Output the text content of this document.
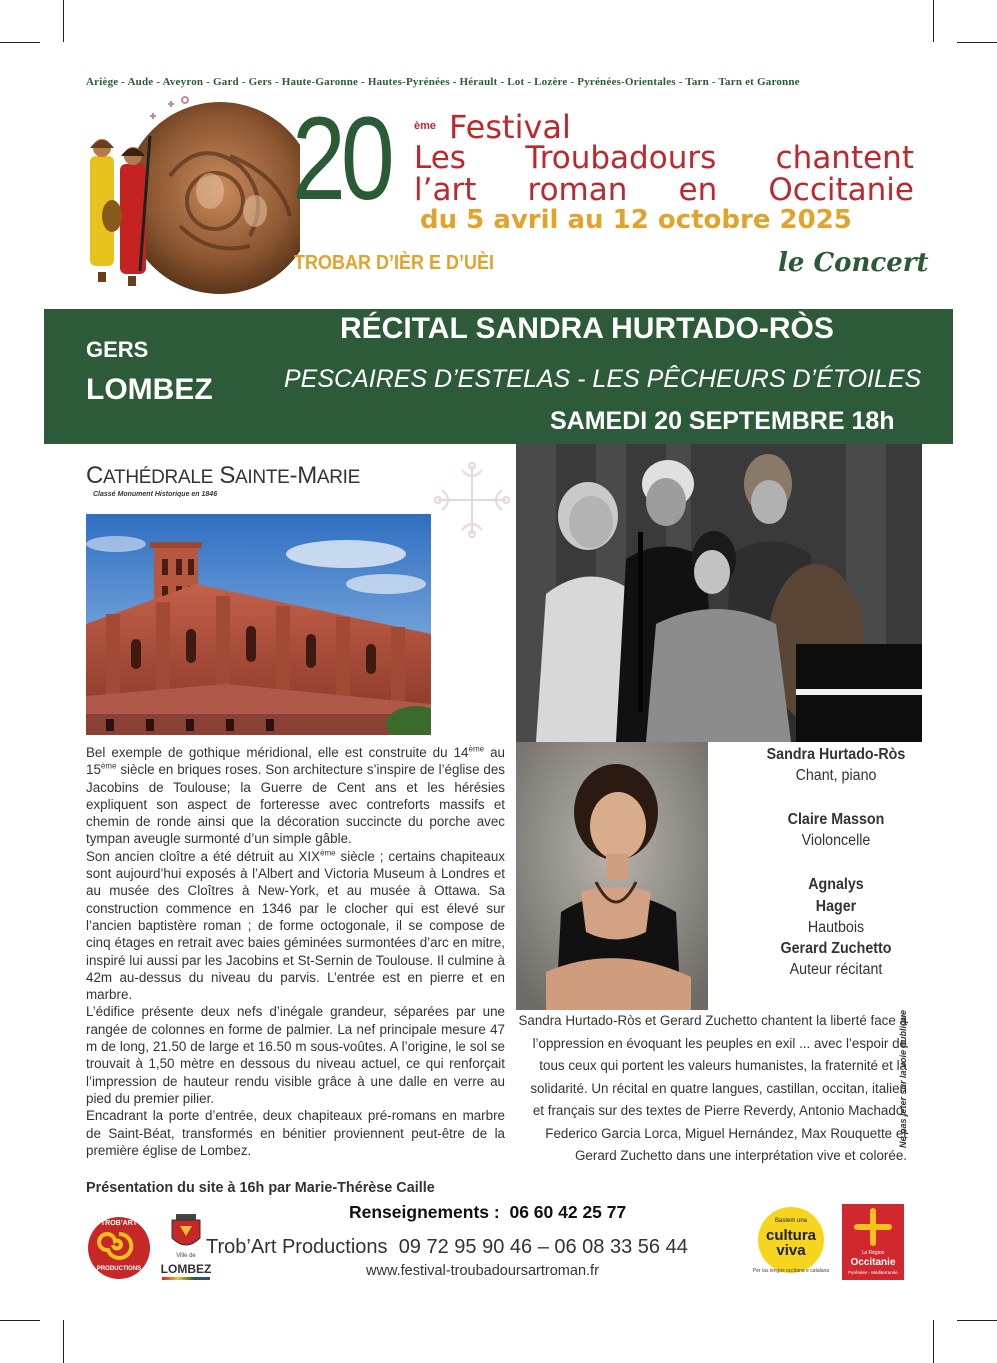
Ariège - Aude - Aveyron - Gard - Gers - Haute-Garonne - Hautes-Pyrénées - Hérault - Lot - Lozère - Pyrénées-Orientales - Tarn - Tarn et Garonne
20 ème Festival
Les Troubadours chantent
l’art roman en Occitanie
du 5 avril au 12 octobre 2025
TROBAR D’IÈR E D’UÈI	le Concert
GERS
LOMBEZ
RÉCITAL SANDRA HURTADO-RÒS
PESCAIRES D’ESTELAS - LES PÊCHEURS D’ÉTOILES
SAMEDI 20 SEPTEMBRE 18h
CATHÉDRALE SAINTE-MARIE
Classé Monument Historique en 1846

Bel exemple de gothique méridional, elle est construite du 14ème au 15ème siècle en briques roses. Son architecture s’inspire de l’église des Jacobins de Toulouse; la Guerre de Cent ans et les hérésies expliquent son aspect de forteresse avec contreforts massifs et chemin de ronde ainsi que la décoration succincte du porche avec tympan aveugle surmonté d’un simple gâble.

Son ancien cloître a été détruit au XIXème siècle ; certains chapiteaux sont aujourd’hui exposés à l’Albert and Victoria Museum à Londres et au musée des Cloîtres à New-York, et au musée à Ottawa. Sa construction commence en 1346 par le clocher qui est élevé sur l’ancien baptistère roman ; de forme octogonale, il se compose de cinq étages en retrait avec baies géminées surmontées d’arc en mitre, inspiré lui aussi par les Jacobins et St-Sernin de Toulouse. Il culmine à 42m au-dessus du niveau du parvis. L’entrée est en pierre et en marbre.

L’édifice présente deux nefs d’inégale grandeur, séparées par une rangée de colonnes en forme de palmier. La nef principale mesure 47 m de long, 21.50 de large et 16.50 m sous-voûtes. A l’origine, le sol se trouvait à 1,50 mètre en dessous du niveau actuel, ce qui renforçait l’impression de hauteur rendu visible grâce à une dalle en verre au pied du premier pilier.

Encadrant la porte d’entrée, deux chapiteaux pré-romans en marbre de Saint-Béat, transformés en bénitier proviennent peut-être de la première église de Lombez.

Sandra Hurtado-Ròs
Chant, piano
Claire Masson
Violoncelle
Agnalys
Hager
Hautbois
Gerard Zuchetto
Auteur récitant
Sandra Hurtado-Ròs et Gerard Zuchetto chantent la liberté face à l’oppression en évoquant les peuples en exil ... avec l’espoir de tous ceux qui portent les valeurs humanistes, la fraternité et la solidarité. Un récital en quatre langues, castillan, occitan, italien et français sur des textes de Pierre Reverdy, Antonio Machado, Federico Garcia Lorca, Miguel Hernández, Max Rouquette et Gerard Zuchetto dans une interprétation vive et colorée.
Présentation du site à 16h par Marie-Thérèse Caille
Renseignements : 06 60 42 25 77
Trob’Art Productions 09 72 95 90 46 – 06 08 33 56 44
www.festival-troubadoursartroman.fr
Ne pas jeter sur la voie publique
TROB’ART
PRODUCTIONS
Ville de
LOMBEZ
Bastem una
cultura
viva
Per las lengas occitana e catalana
La Région
Occitanie
Pyrénées - Méditerranée
